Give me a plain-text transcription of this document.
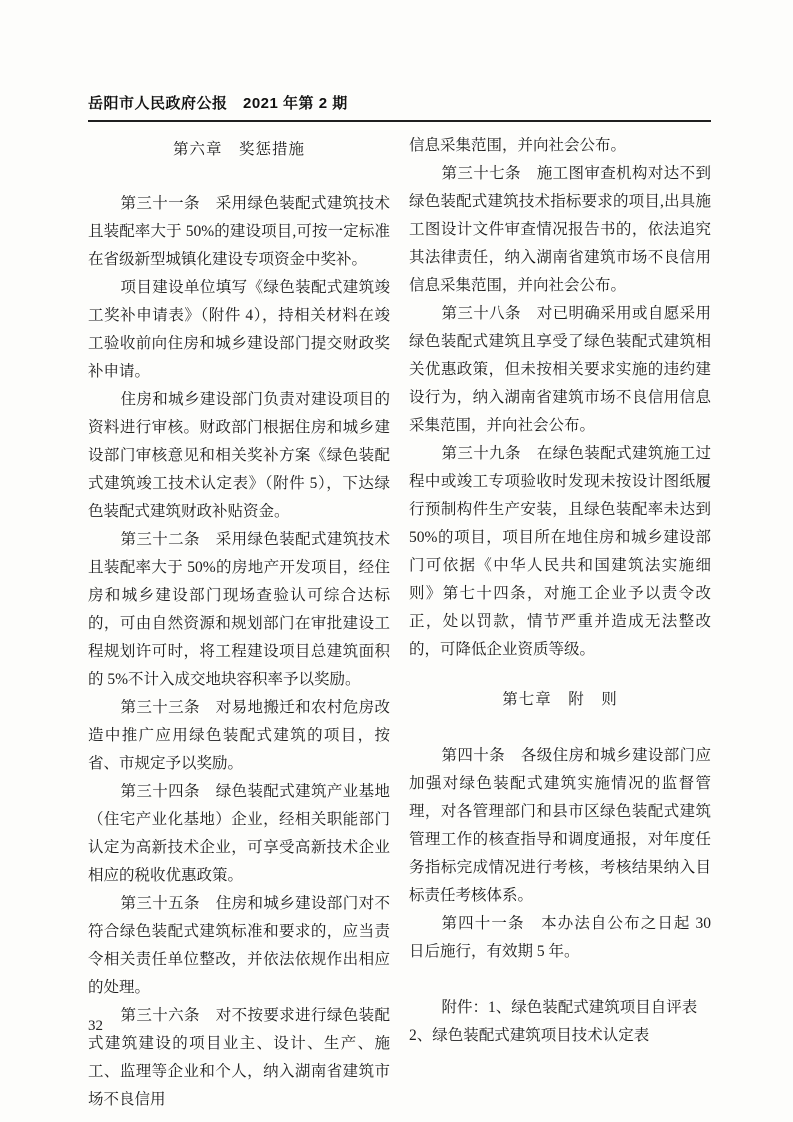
岳阳市人民政府公报　2021 年第 2 期
第六章　奖惩措施

第三十一条　采用绿色装配式建筑技术且装配率大于 50%的建设项目,可按一定标准在省级新型城镇化建设专项资金中奖补。

项目建设单位填写《绿色装配式建筑竣工奖补申请表》（附件 4），持相关材料在竣工验收前向住房和城乡建设部门提交财政奖补申请。

住房和城乡建设部门负责对建设项目的资料进行审核。财政部门根据住房和城乡建设部门审核意见和相关奖补方案《绿色装配式建筑竣工技术认定表》（附件 5），下达绿色装配式建筑财政补贴资金。

第三十二条　采用绿色装配式建筑技术且装配率大于 50%的房地产开发项目，经住房和城乡建设部门现场查验认可综合达标的，可由自然资源和规划部门在审批建设工程规划许可时，将工程建设项目总建筑面积的 5%不计入成交地块容积率予以奖励。

第三十三条　对易地搬迁和农村危房改造中推广应用绿色装配式建筑的项目，按省、市规定予以奖励。

第三十四条　绿色装配式建筑产业基地（住宅产业化基地）企业，经相关职能部门认定为高新技术企业，可享受高新技术企业相应的税收优惠政策。

第三十五条　住房和城乡建设部门对不符合绿色装配式建筑标准和要求的，应当责令相关责任单位整改，并依法依规作出相应的处理。

第三十六条　对不按要求进行绿色装配式建筑建设的项目业主、设计、生产、施工、监理等企业和个人，纳入湖南省建筑市场不良信用

信息采集范围，并向社会公布。

第三十七条　施工图审查机构对达不到绿色装配式建筑技术指标要求的项目,出具施工图设计文件审查情况报告书的，依法追究其法律责任，纳入湖南省建筑市场不良信用信息采集范围，并向社会公布。

第三十八条　对已明确采用或自愿采用绿色装配式建筑且享受了绿色装配式建筑相关优惠政策，但未按相关要求实施的违约建设行为，纳入湖南省建筑市场不良信用信息采集范围，并向社会公布。

第三十九条　在绿色装配式建筑施工过程中或竣工专项验收时发现未按设计图纸履行预制构件生产安装，且绿色装配率未达到 50%的项目，项目所在地住房和城乡建设部门可依据《中华人民共和国建筑法实施细则》第七十四条，对施工企业予以责令改正，处以罚款，情节严重并造成无法整改的，可降低企业资质等级。

第七章　附　则

第四十条　各级住房和城乡建设部门应加强对绿色装配式建筑实施情况的监督管理，对各管理部门和县市区绿色装配式建筑管理工作的核查指导和调度通报，对年度任务指标完成情况进行考核，考核结果纳入目标责任考核体系。

第四十一条　本办法自公布之日起 30 日后施行，有效期 5 年。

附件：1、绿色装配式建筑项目自评表

2、绿色装配式建筑项目技术认定表

32
